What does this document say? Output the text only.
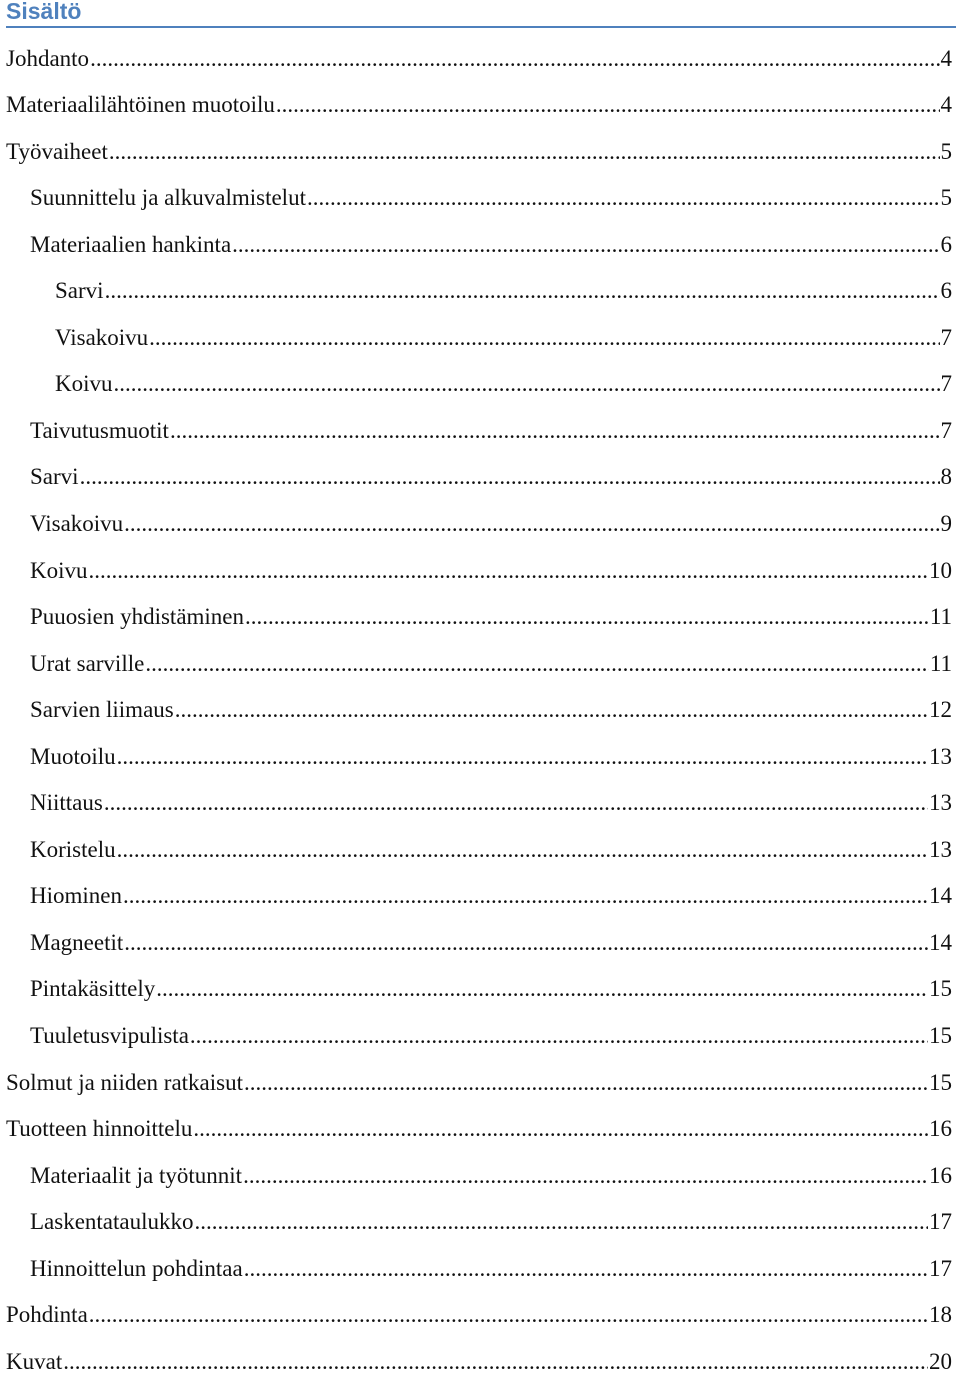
Sisältö
Johdanto .....	4
Materiaalilähtöinen muotoilu .....	4
Työvaiheet .....	5
Suunnittelu ja alkuvalmistelut .....	5
Materiaalien hankinta .....	6
Sarvi .....	6
Visakoivu .....	7
Koivu .....	7
Taivutusmuotit .....	7
Sarvi .....	8
Visakoivu .....	9
Koivu .....	10
Puuosien yhdistäminen .....	11
Urat sarville .....	11
Sarvien liimaus .....	12
Muotoilu .....	13
Niittaus .....	13
Koristelu .....	13
Hiominen .....	14
Magneetit .....	14
Pintakäsittely .....	15
Tuuletusvipulista .....	15
Solmut ja niiden ratkaisut .....	15
Tuotteen hinnoittelu .....	16
Materiaalit ja työtunnit .....	16
Laskentataulukko .....	17
Hinnoittelun pohdintaa .....	17
Pohdinta .....	18
Kuvat .....	20
